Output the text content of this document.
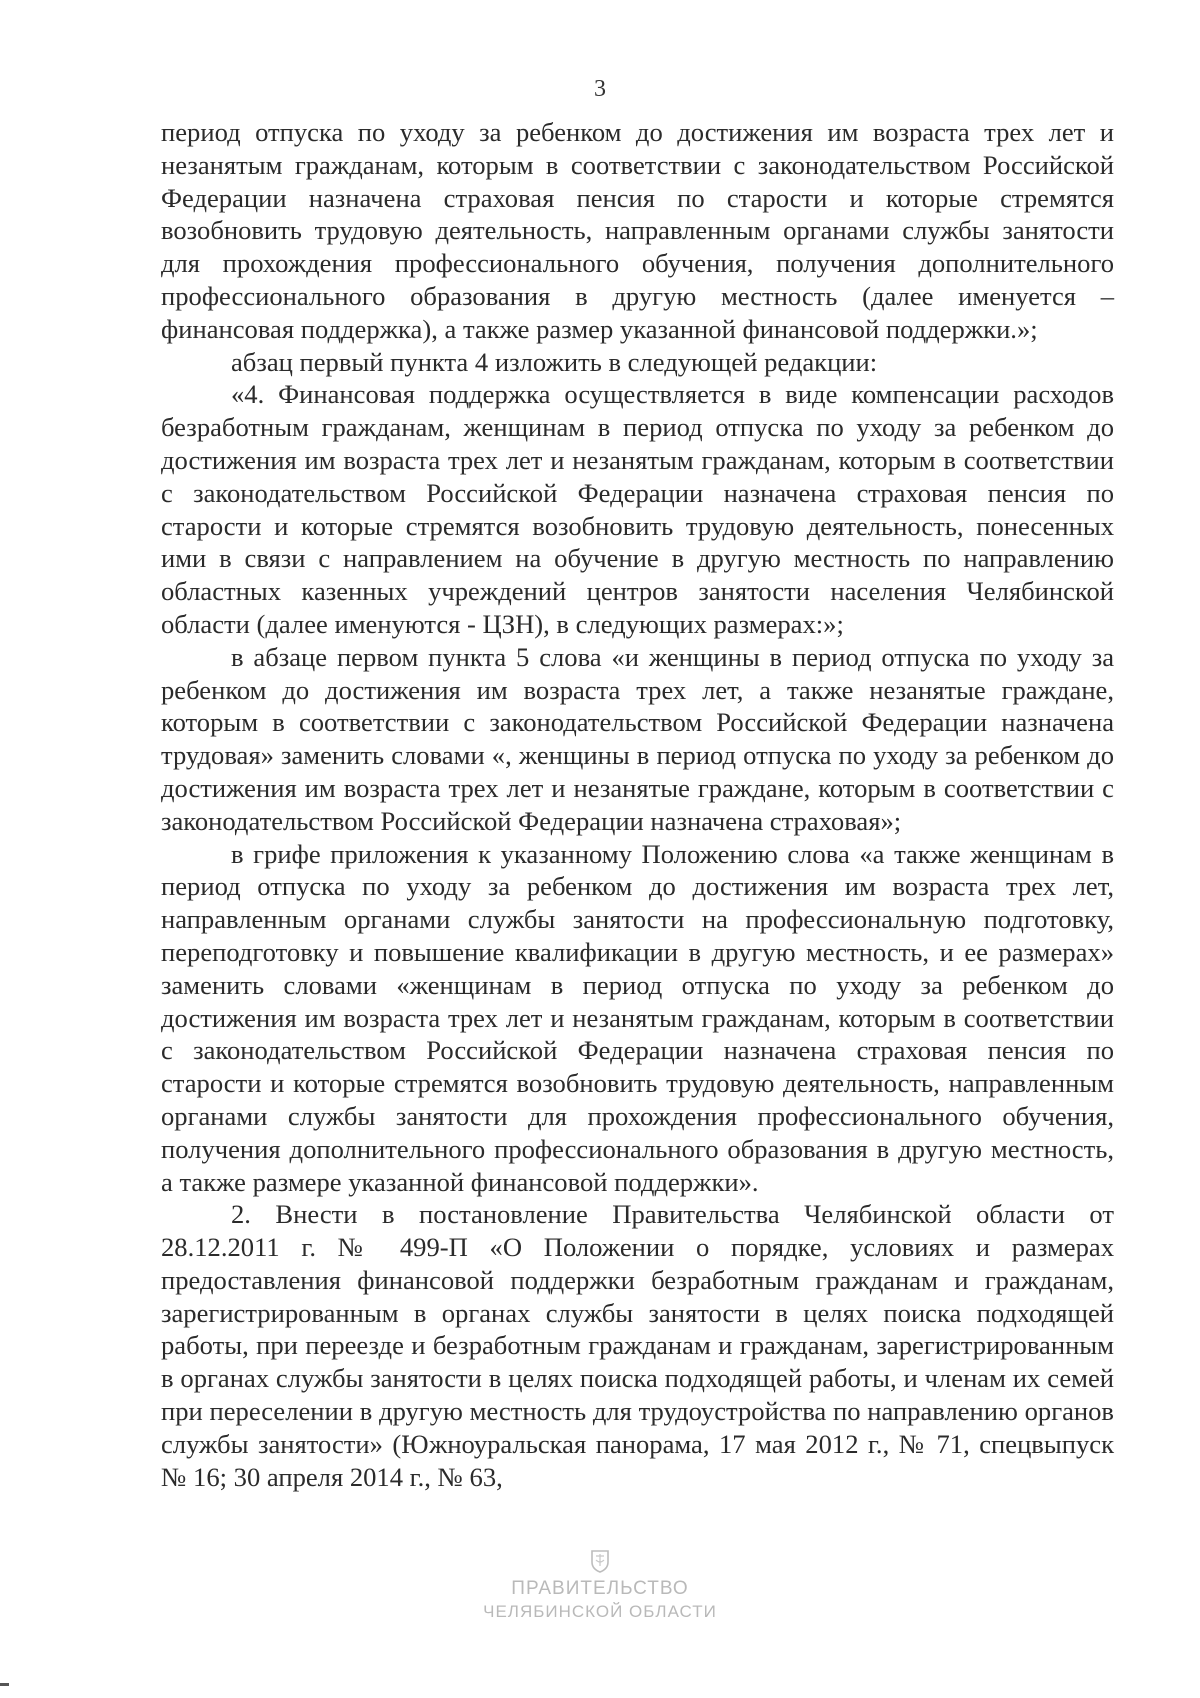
3

период отпуска по уходу за ребенком до достижения им возраста трех лет и незанятым гражданам, которым в соответствии с законодательством Российской Федерации назначена страховая пенсия по старости и которые стремятся возобновить трудовую деятельность, направленным органами службы занятости для прохождения профессионального обучения, получения дополнительного профессионального образования в другую местность (далее именуется – финансовая поддержка), а также размер указанной финансовой поддержки.»;

абзац первый пункта 4 изложить в следующей редакции:

«4. Финансовая поддержка осуществляется в виде компенсации расходов безработным гражданам, женщинам в период отпуска по уходу за ребенком до достижения им возраста трех лет и незанятым гражданам, которым в соответствии с законодательством Российской Федерации назначена страховая пенсия по старости и которые стремятся возобновить трудовую деятельность, понесенных ими в связи с направлением на обучение в другую местность по направлению областных казенных учреждений центров занятости населения Челябинской области (далее именуются - ЦЗН), в следующих размерах:»;

в абзаце первом пункта 5 слова «и женщины в период отпуска по уходу за ребенком до достижения им возраста трех лет, а также незанятые граждане, которым в соответствии с законодательством Российской Федерации назначена трудовая» заменить словами «, женщины в период отпуска по уходу за ребенком до достижения им возраста трех лет и незанятые граждане, которым в соответствии с законодательством Российской Федерации назначена страховая»;

в грифе приложения к указанному Положению слова «а также женщинам в период отпуска по уходу за ребенком до достижения им возраста трех лет, направленным органами службы занятости на профессиональную подготовку, переподготовку и повышение квалификации в другую местность, и ее размерах» заменить словами «женщинам в период отпуска по уходу за ребенком до достижения им возраста трех лет и незанятым гражданам, которым в соответствии с законодательством Российской Федерации назначена страховая пенсия по старости и которые стремятся возобновить трудовую деятельность, направленным органами службы занятости для прохождения профессионального обучения, получения дополнительного профессионального образования в другую местность, а также размере указанной финансовой поддержки».

2. Внести в постановление Правительства Челябинской области от 28.12.2011 г. № 499-П «О Положении о порядке, условиях и размерах предоставления финансовой поддержки безработным гражданам и гражданам, зарегистрированным в органах службы занятости в целях поиска подходящей работы, при переезде и безработным гражданам и гражданам, зарегистрированным в органах службы занятости в целях поиска подходящей работы, и членам их семей при переселении в другую местность для трудоустройства по направлению органов службы занятости» (Южноуральская панорама, 17 мая 2012 г., № 71, спецвыпуск № 16; 30 апреля 2014 г., № 63,

ПРАВИТЕЛЬСТВО
ЧЕЛЯБИНСКОЙ ОБЛАСТИ
